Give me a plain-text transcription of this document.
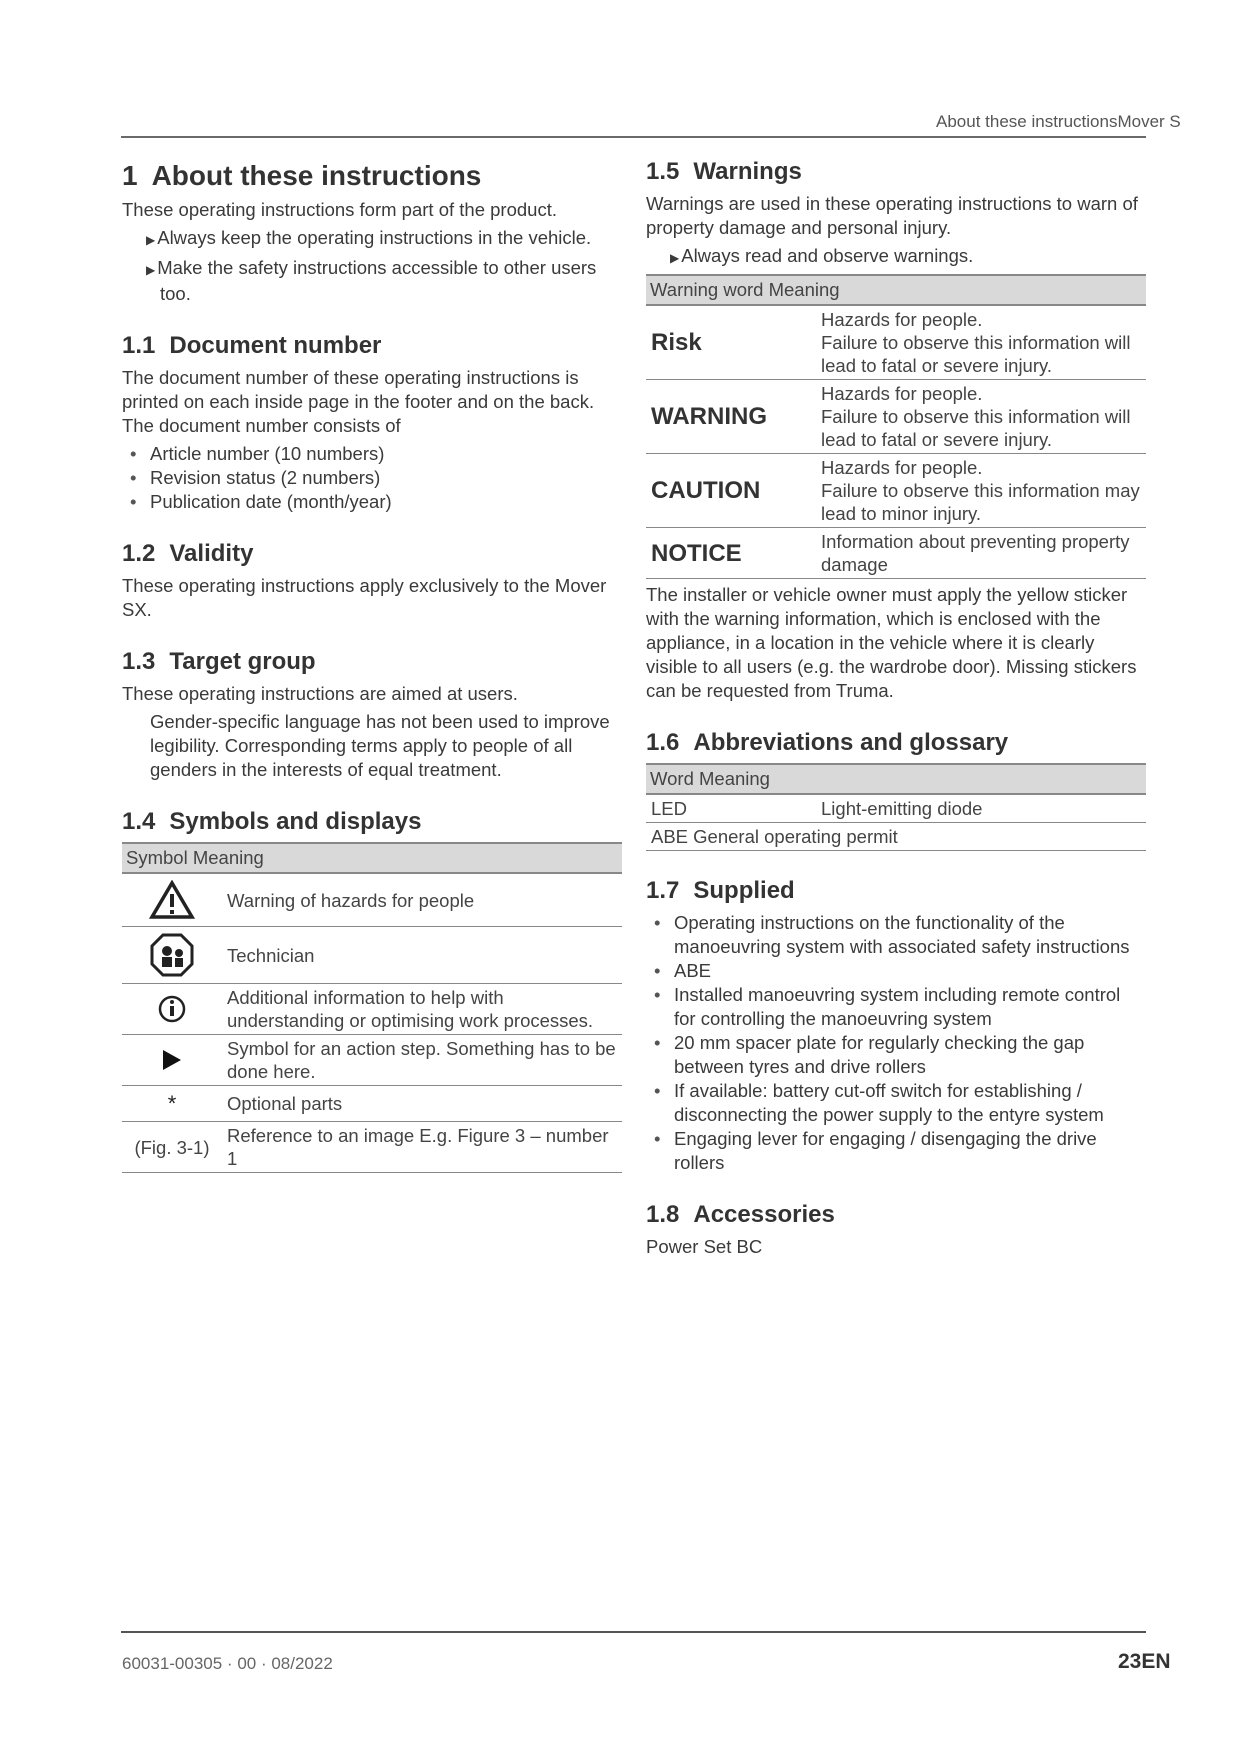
About these instructionsMover S
1 About these instructions

These operating instructions form part of the product.

▶ Always keep the operating instructions in the vehicle.
▶ Make the safety instructions accessible to other users too.
1.1 Document number

The document number of these operating instructions is printed on each inside page in the footer and on the back.

The document number consists of

• Article number (10 numbers)
• Revision status (2 numbers)
• Publication date (month/year)
1.2 Validity

These operating instructions apply exclusively to the Mover SX.

1.3 Target group

These operating instructions are aimed at users.

Gender-specific language has not been used to improve legibility. Corresponding terms apply to people of all genders in the interests of equal treatment.
1.4 Symbols and displays
Symbol Meaning	

	Warning of hazards for people

	Technician

	Additional information to help with understanding or optimising work processes.

	Symbol for an action step. Something has to be done here.
*	Optional parts
(Fig. 3-1)	Reference to an image E.g. Figure 3 – number 1
1.5 Warnings

Warnings are used in these operating instructions to warn of property damage and personal injury.

▶ Always read and observe warnings.
Warning word Meaning	
Risk	Hazards for people.
Failure to observe this information will lead to fatal or severe injury.

WARNING	Hazards for people.
Failure to observe this information will lead to fatal or severe injury.

CAUTION	Hazards for people.
Failure to observe this information may lead to minor injury.

NOTICE	Information about preventing property damage

The installer or vehicle owner must apply the yellow sticker with the warning information, which is enclosed with the appliance, in a location in the vehicle where it is clearly visible to all users (e.g. the wardrobe door). Missing stickers can be requested from Truma.

1.6 Abbreviations and glossary
Word Meaning
LED	Light-emitting diode
ABE General operating permit
1.7 Supplied
• Operating instructions on the functionality of the manoeuvring system with associated safety instructions
• ABE
• Installed manoeuvring system including remote control for controlling the manoeuvring system
• 20 mm spacer plate for regularly checking the gap between tyres and drive rollers
• If available: battery cut-off switch for establishing / disconnecting the power supply to the entyre system
• Engaging lever for engaging / disengaging the drive rollers
1.8 Accessories

Power Set BC

60031-00305 · 00 · 08/2022	23EN
